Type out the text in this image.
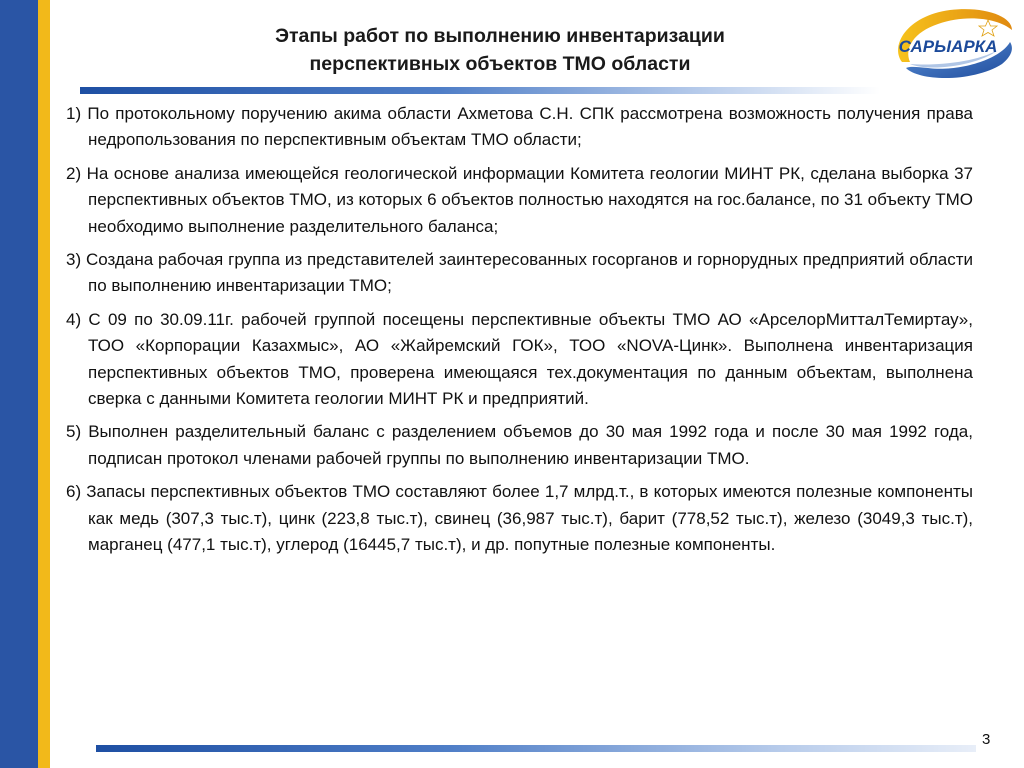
Этапы работ по выполнению инвентаризации
перспективных объектов ТМО области
САРЫАРКА

1) По протокольному поручению акима области Ахметова С.Н. СПК рассмотрена возможность получения права недропользования по перспективным объектам ТМО области;

2) На основе анализа имеющейся геологической информации Комитета геологии МИНТ РК, сделана выборка 37 перспективных объектов ТМО, из которых 6 объектов полностью находятся на гос.балансе, по 31 объекту ТМО необходимо выполнение разделительного баланса;

3) Создана рабочая группа из представителей заинтересованных госорганов и горнорудных предприятий области по выполнению инвентаризации ТМО;

4) С 09 по 30.09.11г. рабочей группой посещены перспективные объекты ТМО АО «АрселорМитталТемиртау», ТОО «Корпорации Казахмыс», АО «Жайремский ГОК», ТОО «NOVA-Цинк». Выполнена инвентаризация перспективных объектов ТМО, проверена имеющаяся тех.документация по данным объектам, выполнена сверка с данными Комитета геологии МИНТ РК и предприятий.

5) Выполнен разделительный баланс с разделением объемов до 30 мая 1992 года и после 30 мая 1992 года, подписан протокол членами рабочей группы по выполнению инвентаризации ТМО.

6) Запасы перспективных объектов ТМО составляют более 1,7 млрд.т., в которых имеются полезные компоненты как медь (307,3 тыс.т), цинк (223,8 тыс.т), свинец (36,987 тыс.т), барит (778,52 тыс.т), железо (3049,3 тыс.т), марганец (477,1 тыс.т), углерод (16445,7 тыс.т), и др. попутные полезные компоненты.

3
